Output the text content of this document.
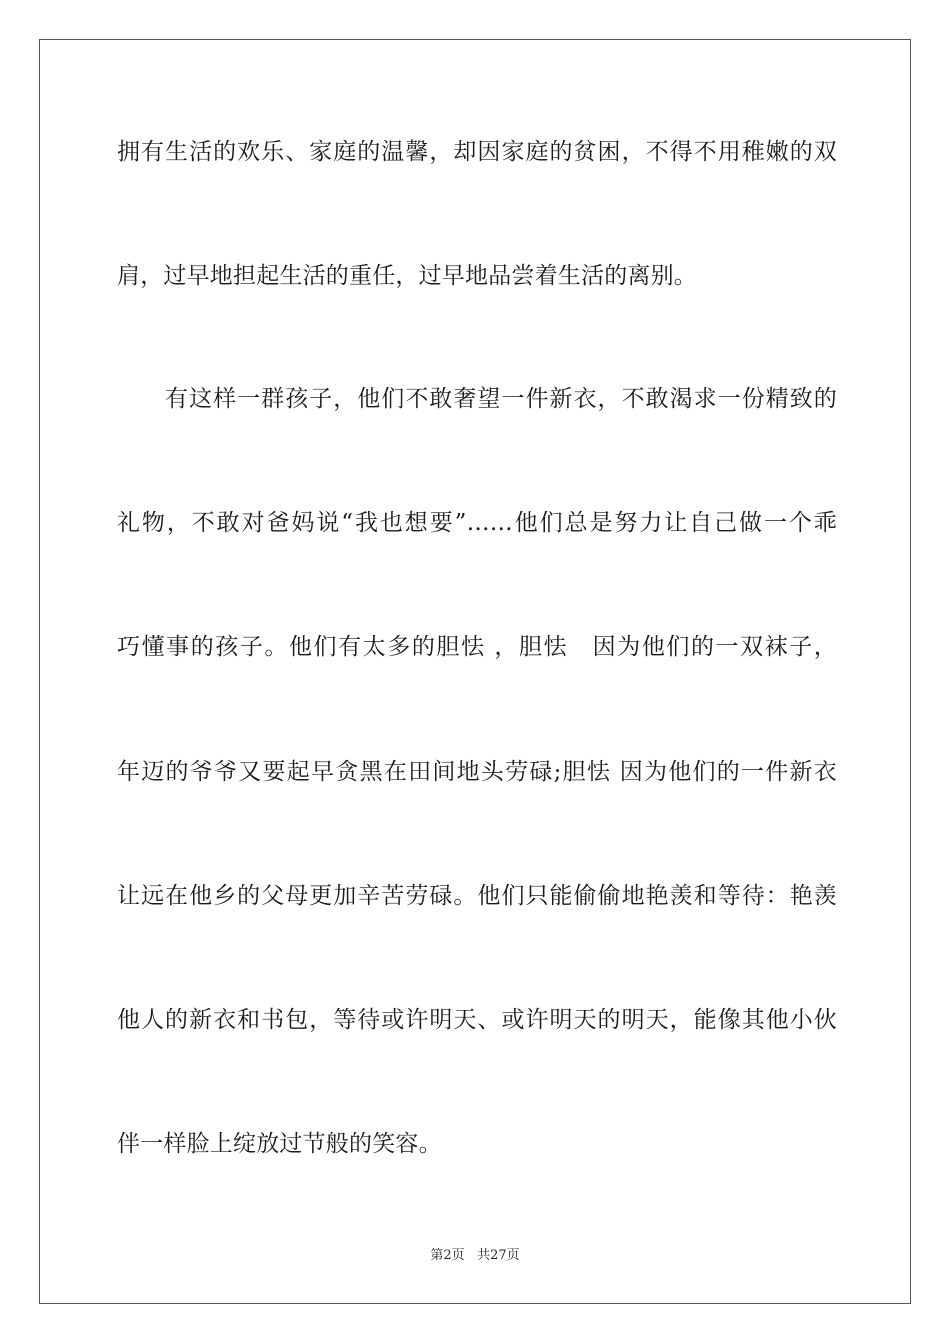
拥有生活的欢乐、家庭的温馨，却因家庭的贫困，不得不用稚嫩的双
肩，过早地担起生活的重任，过早地品尝着生活的离别。
　　有这样一群孩子，他们不敢奢望一件新衣，不敢渴求一份精致的
礼物，不敢对爸妈说“我也想要”……他们总是努力让自己做一个乖
巧懂事的孩子。他们有太多的胆怯 ，胆怯　因为他们的一双袜子，
年迈的爷爷又要起早贪黑在田间地头劳碌;胆怯 因为他们的一件新衣
让远在他乡的父母更加辛苦劳碌。他们只能偷偷地艳羡和等待：艳羡
他人的新衣和书包，等待或许明天、或许明天的明天，能像其他小伙
伴一样脸上绽放过节般的笑容。
第2页 共27页
